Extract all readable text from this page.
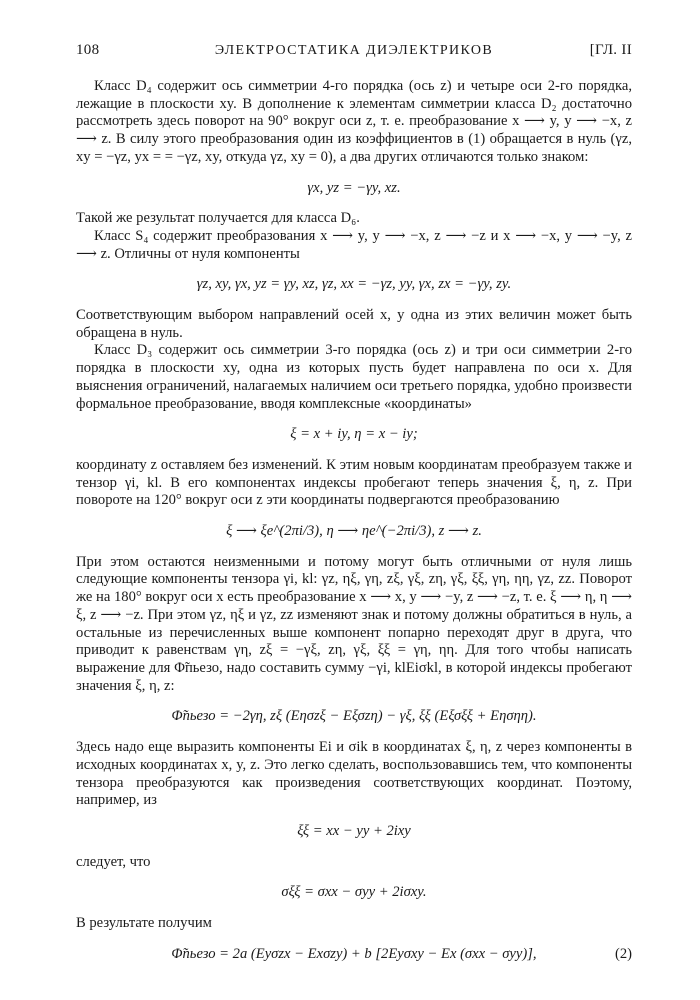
108	ЭЛЕКТРОСТАТИКА ДИЭЛЕКТРИКОВ	[ГЛ. II

Класс D₄ содержит ось симметрии 4-го порядка (ось z) и четыре оси 2-го порядка, лежащие в плоскости xy. В дополнение к элементам симметрии класса D₂ достаточно рассмотреть здесь поворот на 90° вокруг оси z, т. е. преобразование x ⟶ y, y ⟶ −x, z ⟶ z. В силу этого преобразования один из коэффициентов в (1) обращается в нуль (γz, xy = −γz, yx = = −γz, xy, откуда γz, xy = 0), а два других отличаются только знаком:

γx, yz = −γy, xz.

Такой же результат получается для класса D₆.

Класс S₄ содержит преобразования x ⟶ y, y ⟶ −x, z ⟶ −z и x ⟶ −x, y ⟶ −y, z ⟶ z. Отличны от нуля компоненты

γz, xy, γx, yz = γy, xz, γz, xx = −γz, yy, γx, zx = −γy, zy.

Соответствующим выбором направлений осей x, y одна из этих величин может быть обращена в нуль.

Класс D₃ содержит ось симметрии 3-го порядка (ось z) и три оси симметрии 2-го порядка в плоскости xy, одна из которых пусть будет направлена по оси x. Для выяснения ограничений, налагаемых наличием оси третьего порядка, удобно произвести формальное преобразование, вводя комплексные «координаты»

ξ = x + iy, η = x − iy;

координату z оставляем без изменений. К этим новым координатам преобразуем также и тензор γi, kl. В его компонентах индексы пробегают теперь значения ξ, η, z. При повороте на 120° вокруг оси z эти координаты подвергаются преобразованию

ξ ⟶ ξe^(2πi/3), η ⟶ ηe^(−2πi/3), z ⟶ z.

При этом остаются неизменными и потому могут быть отличными от нуля лишь следующие компоненты тензора γi, kl: γz, ηξ, γη, zξ, γξ, zη, γξ, ξξ, γη, ηη, γz, zz. Поворот же на 180° вокруг оси x есть преобразование x ⟶ x, y ⟶ −y, z ⟶ −z, т. е. ξ ⟶ η, η ⟶ ξ, z ⟶ −z. При этом γz, ηξ и γz, zz изменяют знак и потому должны обратиться в нуль, а остальные из перечисленных выше компонент попарно переходят друг в друга, что приводит к равенствам γη, zξ = −γξ, zη, γξ, ξξ = γη, ηη. Для того чтобы написать выражение для Φ̃пьезо, надо составить сумму −γi, klEiσkl, в которой индексы пробегают значения ξ, η, z:

Φ̃пьезо = −2γη, zξ (Eησzξ − Eξσzη) − γξ, ξξ (Eξσξξ + Eησηη).

Здесь надо еще выразить компоненты Ei и σik в координатах ξ, η, z через компоненты в исходных координатах x, y, z. Это легко сделать, воспользовавшись тем, что компоненты тензора преобразуются как произведения соответствующих координат. Поэтому, например, из

ξξ = xx − yy + 2ixy

следует, что

σξξ = σxx − σyy + 2iσxy.

В результате получим

Φ̃пьезо = 2a (Eyσzx − Exσzy) + b [2Eyσxy − Ex (σxx − σyy)],	(2)
